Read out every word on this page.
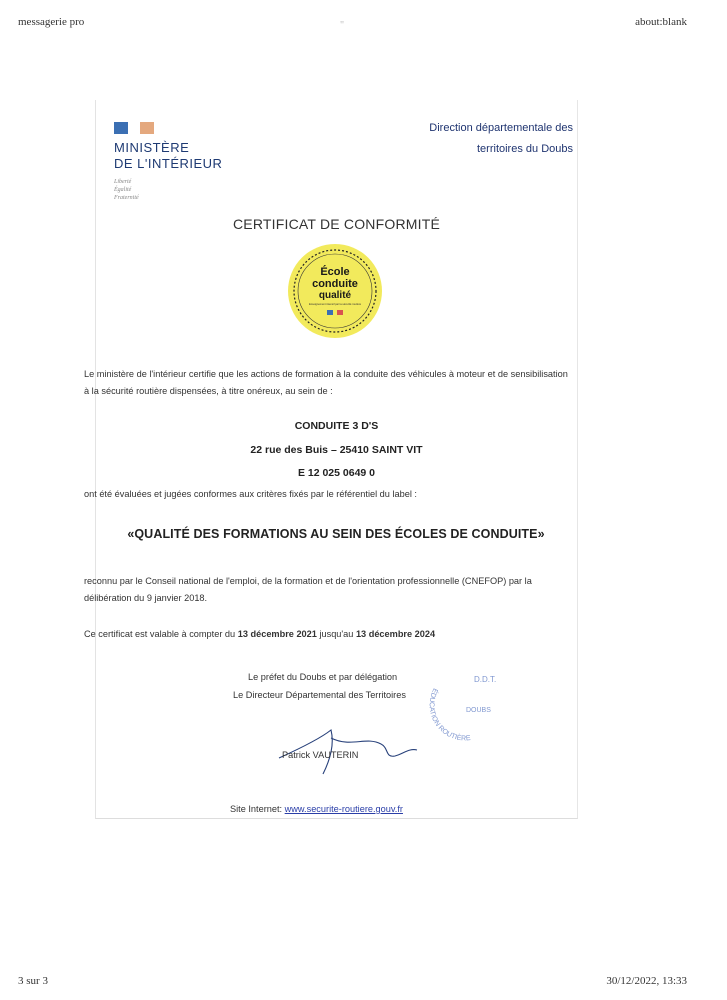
messagerie pro	"	about:blank
MINISTÈRE
DE L'INTÉRIEUR
Liberté
Égalité
Fraternité
Direction départementale des
territoires du Doubs
CERTIFICAT DE CONFORMITÉ
École
conduite
qualité
Enseignement intensif par la sécurité routière
Le ministère de l'intérieur certifie que les actions de formation à la conduite des véhicules à moteur et de sensibilisation à la sécurité routière dispensées, à titre onéreux, au sein de :
CONDUITE 3 D'S
22 rue des Buis – 25410 SAINT VIT
E 12 025 0649 0
ont été évaluées et jugées conformes aux critères fixés par le référentiel du label :
«QUALITÉ DES FORMATIONS AU SEIN DES ÉCOLES DE CONDUITE»
reconnu par le Conseil national de l'emploi, de la formation et de l'orientation professionnelle (CNEFOP) par la délibération du 9 janvier 2018.
Ce certificat est valable à compter du 13 décembre 2021 jusqu'au 13 décembre 2024
Le préfet du Doubs et par délégation
Le Directeur Départemental des Territoires
D.D.T.
DOUBS
ÉDUCATION ROUTIÈRE
Patrick VAUTERIN
Site Internet: www.securite-routiere.gouv.fr
3 sur 3	30/12/2022, 13:33
